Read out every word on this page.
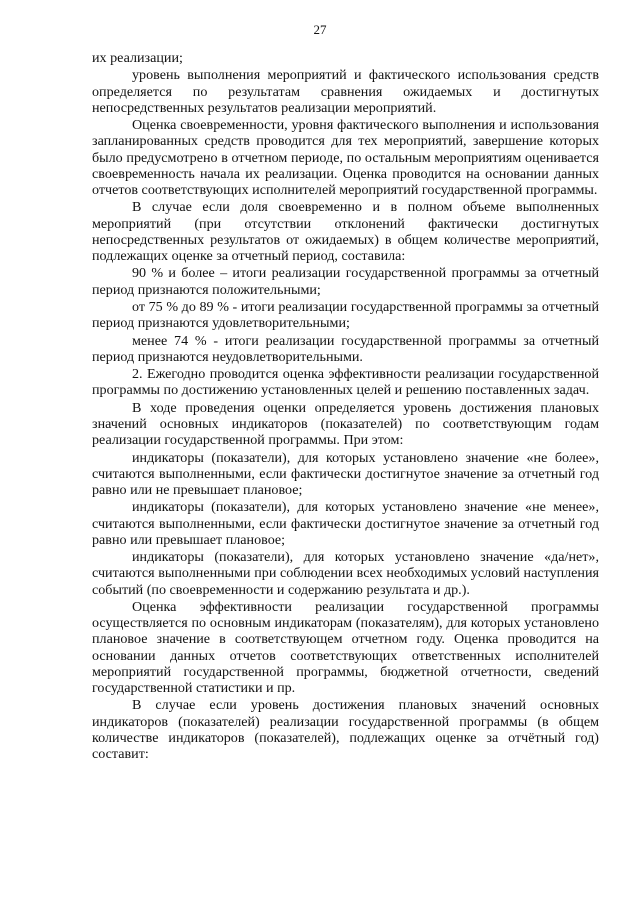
27

их реализации;

уровень выполнения мероприятий и фактического использования средств определяется по результатам сравнения ожидаемых и достигнутых непосредственных результатов реализации мероприятий.

Оценка своевременности, уровня фактического выполнения и использования запланированных средств проводится для тех мероприятий, завершение которых было предусмотрено в отчетном периоде, по остальным мероприятиям оценивается своевременность начала их реализации. Оценка проводится на основании данных отчетов соответствующих исполнителей мероприятий государственной программы.

В случае если доля своевременно и в полном объеме выполненных мероприятий (при отсутствии отклонений фактически достигнутых непосредственных результатов от ожидаемых) в общем количестве мероприятий, подлежащих оценке за отчетный период, составила:

90 % и более – итоги реализации государственной программы за отчетный период признаются положительными;

от 75 % до 89 % - итоги реализации государственной программы за отчетный период признаются удовлетворительными;

менее 74 % - итоги реализации государственной программы за отчетный период признаются неудовлетворительными.

2. Ежегодно проводится оценка эффективности реализации государственной программы по достижению установленных целей и решению поставленных задач.

В ходе проведения оценки определяется уровень достижения плановых значений основных индикаторов (показателей) по соответствующим годам реализации государственной программы. При этом:

индикаторы (показатели), для которых установлено значение «не более», считаются выполненными, если фактически достигнутое значение за отчетный год равно или не превышает плановое;

индикаторы (показатели), для которых установлено значение «не менее», считаются выполненными, если фактически достигнутое значение за отчетный год равно или превышает плановое;

индикаторы (показатели), для которых установлено значение «да/нет», считаются выполненными при соблюдении всех необходимых условий наступления событий (по своевременности и содержанию результата и др.).

Оценка эффективности реализации государственной программы осуществляется по основным индикаторам (показателям), для которых установлено плановое значение в соответствующем отчетном году. Оценка проводится на основании данных отчетов соответствующих ответственных исполнителей мероприятий государственной программы, бюджетной отчетности, сведений государственной статистики и пр.

В случае если уровень достижения плановых значений основных индикаторов (показателей) реализации государственной программы (в общем количестве индикаторов (показателей), подлежащих оценке за отчётный год) составит:
